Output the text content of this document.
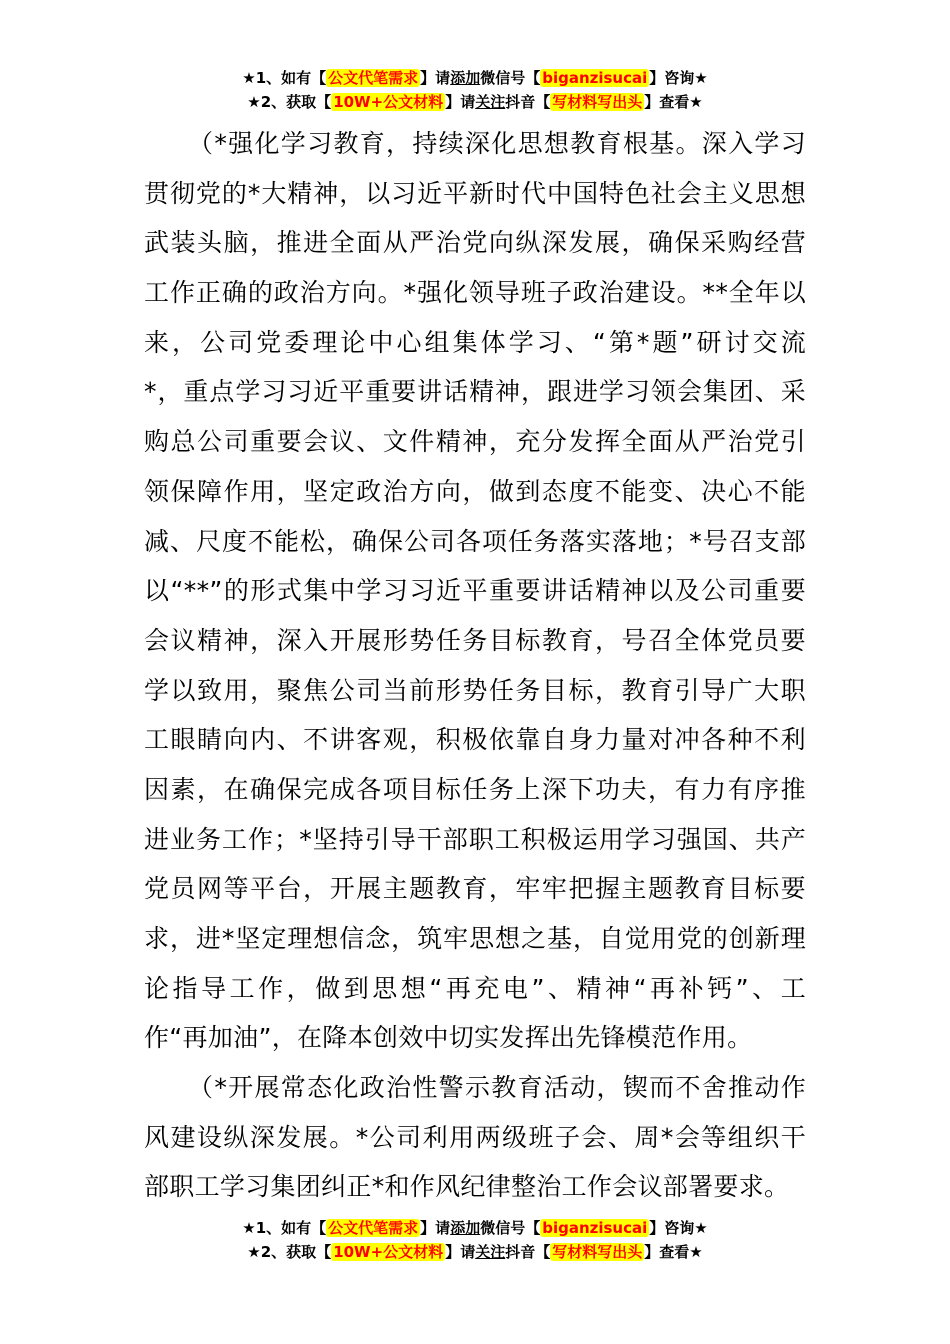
★1、如有【 公文代笔需求 】请添加微信号【 biganzisucai 】咨询★
★2、获取【 10W+公文材料 】请关注抖音【 写材料写出头 】查看★
（*强化学习教育，持续深化思想教育根基。深入学习
贯彻党的*大精神，以习近平新时代中国特色社会主义思想
武装头脑，推进全面从严治党向纵深发展，确保采购经营
工作正确的政治方向。*强化领导班子政治建设。**全年以
来，公司党委理论中心组集体学习、“第*题”研讨交流
*，重点学习习近平重要讲话精神，跟进学习领会集团、采
购总公司重要会议、文件精神，充分发挥全面从严治党引
领保障作用，坚定政治方向，做到态度不能变、决心不能
减、尺度不能松，确保公司各项任务落实落地；*号召支部
以“**”的形式集中学习习近平重要讲话精神以及公司重要
会议精神，深入开展形势任务目标教育，号召全体党员要
学以致用，聚焦公司当前形势任务目标，教育引导广大职
工眼睛向内、不讲客观，积极依靠自身力量对冲各种不利
因素，在确保完成各项目标任务上深下功夫，有力有序推
进业务工作；*坚持引导干部职工积极运用学习强国、共产
党员网等平台，开展主题教育，牢牢把握主题教育目标要
求，进*坚定理想信念，筑牢思想之基，自觉用党的创新理
论指导工作，做到思想“再充电”、精神“再补钙”、工
作“再加油”，在降本创效中切实发挥出先锋模范作用。
（*开展常态化政治性警示教育活动，锲而不舍推动作
风建设纵深发展。*公司利用两级班子会、周*会等组织干
部职工学习集团纠正*和作风纪律整治工作会议部署要求。
★1、如有【 公文代笔需求 】请添加微信号【 biganzisucai 】咨询★
★2、获取【 10W+公文材料 】请关注抖音【 写材料写出头 】查看★
